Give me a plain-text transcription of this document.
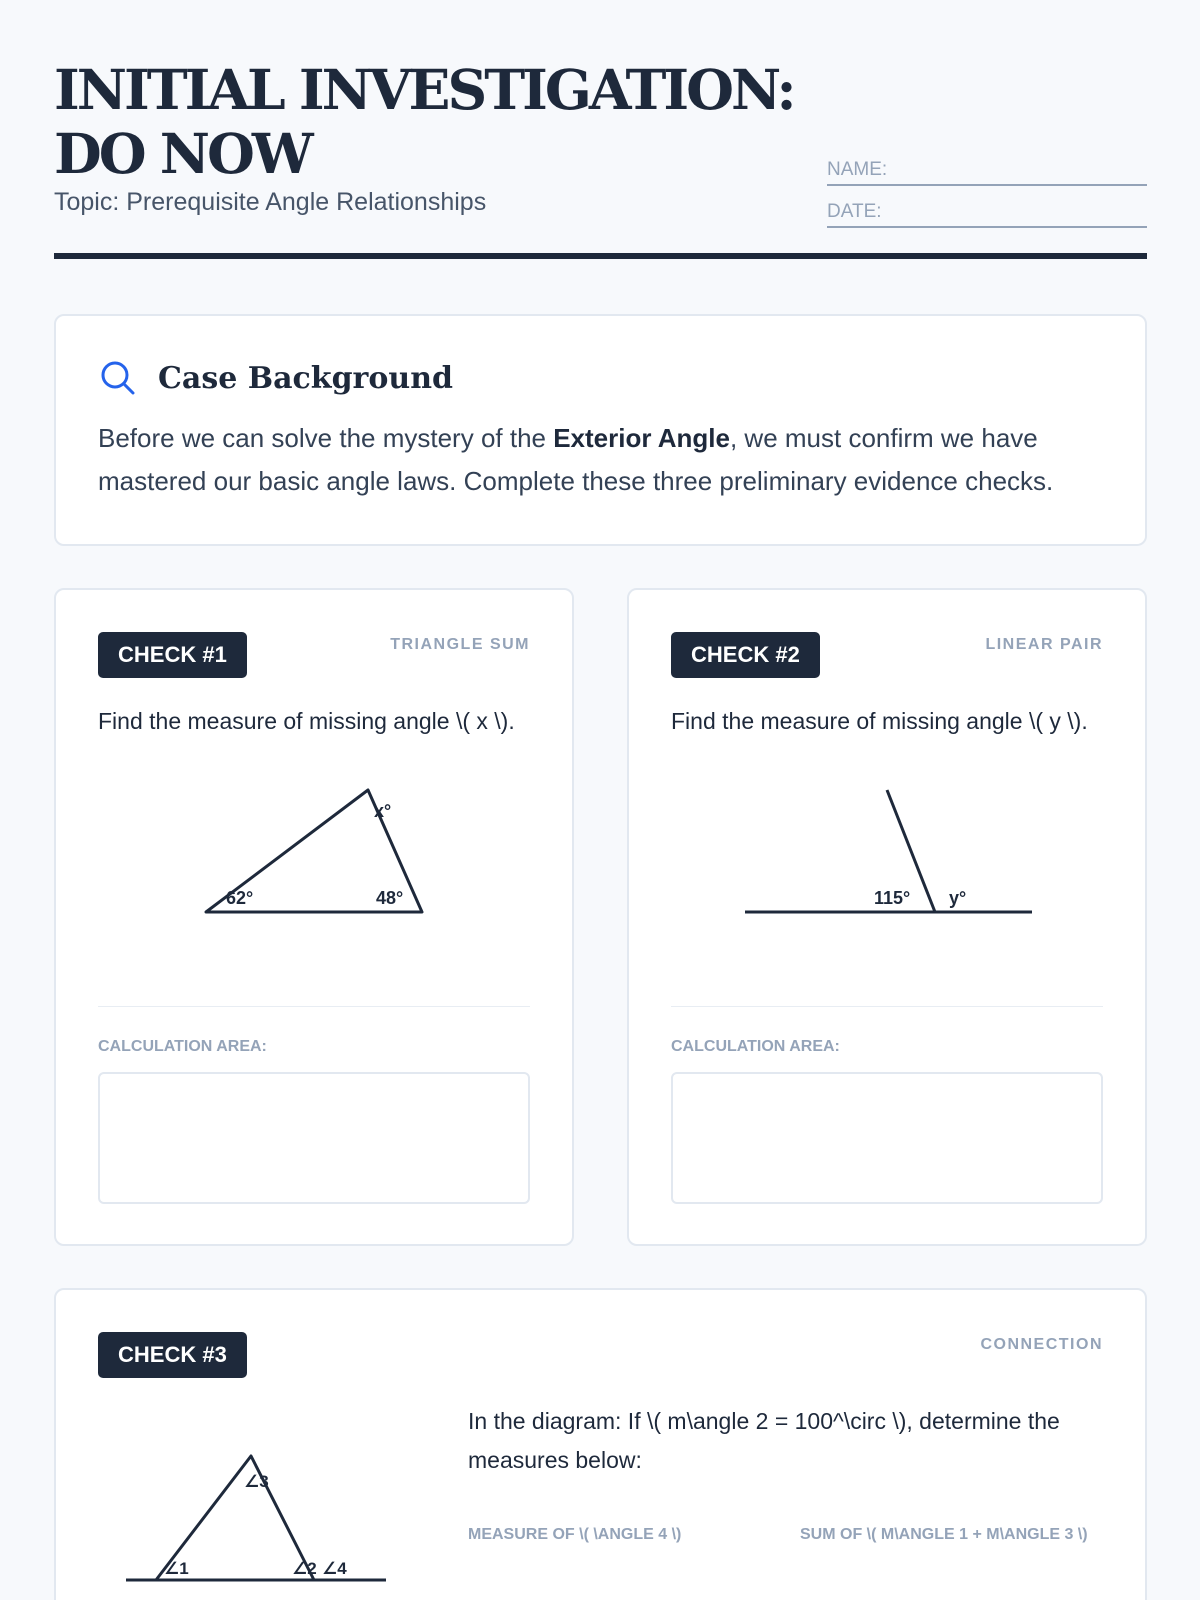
INITIAL INVESTIGATION: DO NOW
Topic: Prerequisite Angle Relationships
NAME:
DATE:
Case Background

Before we can solve the mystery of the Exterior Angle, we must confirm we have mastered our basic angle laws. Complete these three preliminary evidence checks.

CHECK #1	TRIANGLE SUM
Find the measure of missing angle \( x \).
x°
62°	48°
CALCULATION AREA:
CHECK #2	LINEAR PAIR
Find the measure of missing angle \( y \).
115° y°
CALCULATION AREA:
CHECK #3	CONNECTION
∠1	∠2
∠3
∠4

In the diagram: If \( m\angle 2 = 100^\circ \), determine the measures below:

MEASURE OF \( \ANGLE 4 \)	SUM OF \( M\ANGLE 1 + M\ANGLE 3 \)
